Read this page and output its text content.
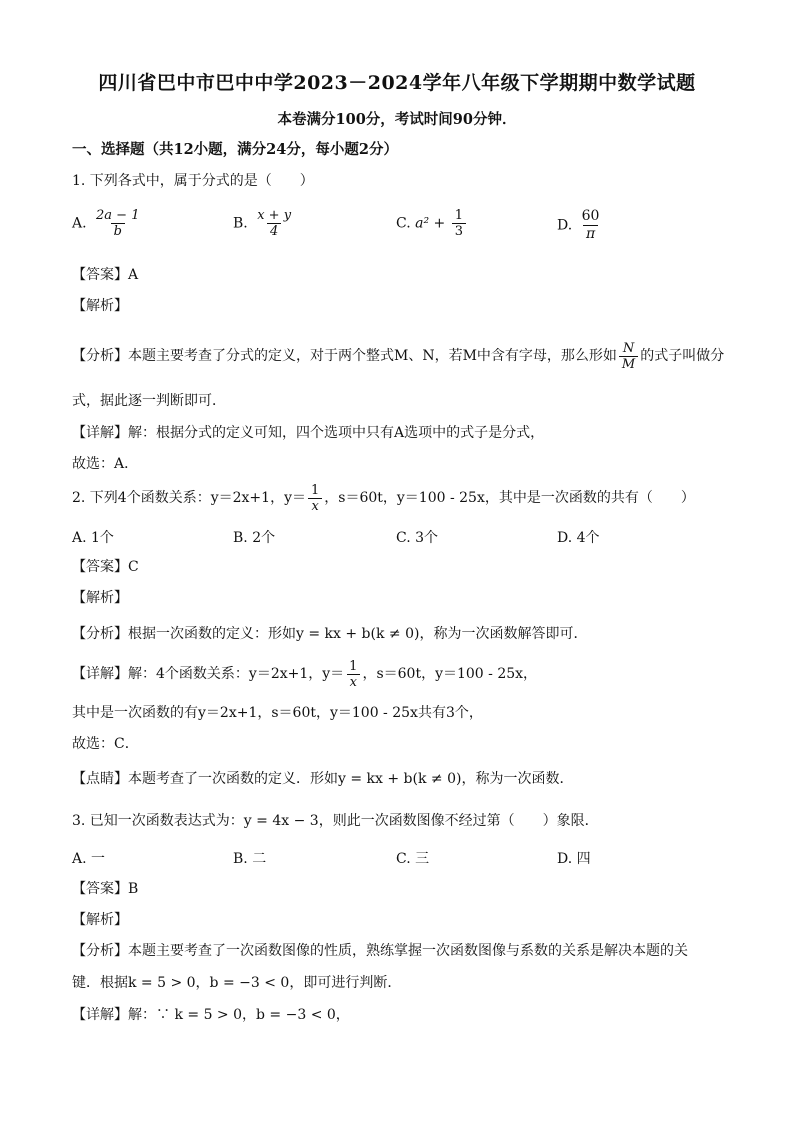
四川省巴中市巴中中学2023－2024学年八年级下学期期中数学试题
本卷满分100分，考试时间90分钟．
一、选择题（共12小题，满分24分，每小题2分）
1. 下列各式中，属于分式的是（　　）
A. $\frac{2a - 1}{b}$	B. $\frac{x + y}{4}$	C. $a^2 + \frac{1}{3}$	D. $\frac{60}{\pi}$
【答案】A
【解析】
【分析】本题主要考查了分式的定义，对于两个整式M、N，若M中含有字母，那么形如 $\frac{N}{M}$ 的式子叫做分
式，据此逐一判断即可．
【详解】解：根据分式的定义可知，四个选项中只有A选项中的式子是分式，
故选：A．
2. 下列4个函数关系：y＝2x+1，$y= \frac{1}{x}$ ，s＝60t，y＝100 - 25x，其中是一次函数的共有（　　）
A. 1个	B. 2个	C. 3个	D. 4个
【答案】C
【解析】
【分析】根据一次函数的定义：形如y = kx + b(k ≠ 0)，称为一次函数解答即可．
【详解】解：4个函数关系：y＝2x+1，$y= \frac{1}{x}$ ，s＝60t，y＝100 - 25x，
其中是一次函数的有y＝2x+1，s＝60t，y＝100 - 25x共有3个，
故选：C．
【点睛】本题考查了一次函数的定义．形如y = kx + b(k ≠ 0)，称为一次函数．
3. 已知一次函数表达式为：y = 4x − 3，则此一次函数图像不经过第（　　）象限．
A. 一	B. 二	C. 三	D. 四
【答案】B
【解析】
【分析】本题主要考查了一次函数图像的性质，熟练掌握一次函数图像与系数的关系是解决本题的关
键．根据k = 5 > 0，b = −3 < 0，即可进行判断．
【详解】解：∵ k = 5 > 0，b = −3 < 0，
